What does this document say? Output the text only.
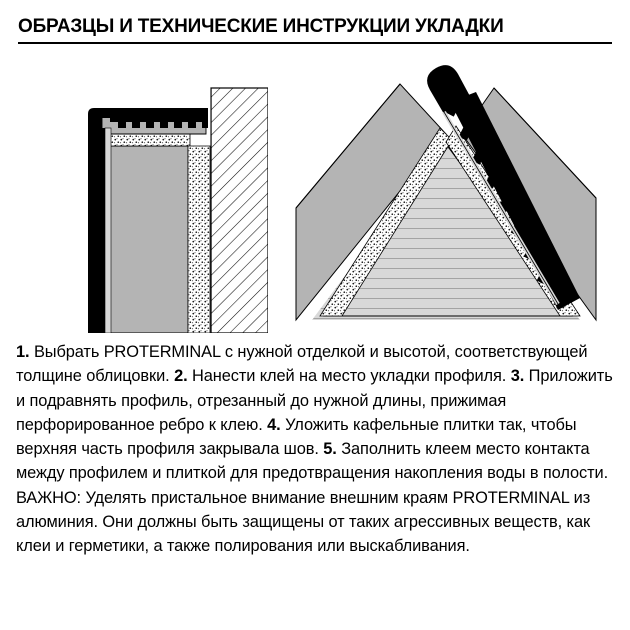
ОБРАЗЦЫ И ТЕХНИЧЕСКИЕ ИНСТРУКЦИИ УКЛАДКИ
1. Выбрать PROTERMINAL с нужной отделкой и высотой, соответствующей толщине облицовки. 2. Нанести клей на место укладки профиля. 3. Приложить и подравнять профиль, отрезанный до нужной длины, прижимая перфорированное ребро к клею. 4. Уложить кафельные плитки так, чтобы верхняя часть профиля закрывала шов. 5. Заполнить клеем место контакта между профилем и плиткой для предотвращения накопления воды в полости. ВАЖНО: Уделять пристальное внимание внешним краям PROTERMINAL из алюминия. Они должны быть защищены от таких агрессивных веществ, как клеи и герметики, а также полирования или выскабливания.
